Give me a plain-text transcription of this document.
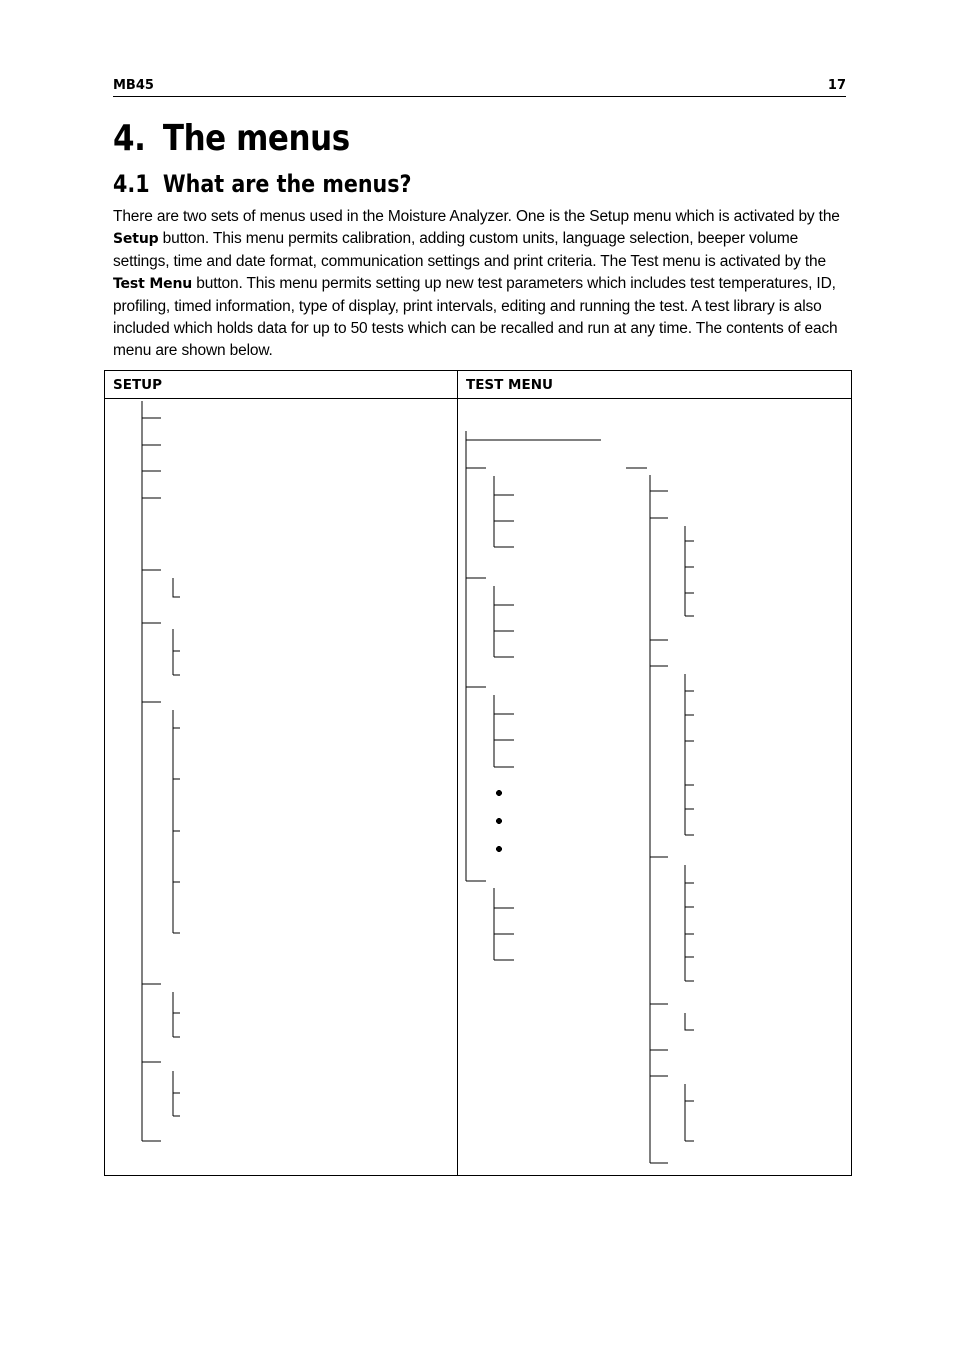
MB45	17
4. The menus
4.1 What are the menus?
There are two sets of menus used in the Moisture Analyzer. One is the Setup menu which is activated by the Setup button. This menu permits calibration, adding custom units, language selection, beeper volume settings, time and date format, communication settings and print criteria. The Test menu is activated by the Test Menu button. This menu permits setting up new test parameters which includes test temperatures, ID, profiling, timed information, type of display, print intervals, editing and running the test. A test library is also included which holds data for up to 50 tests which can be recalled and run at any time. The contents of each menu are shown below.
SETUP	TEST MENU
